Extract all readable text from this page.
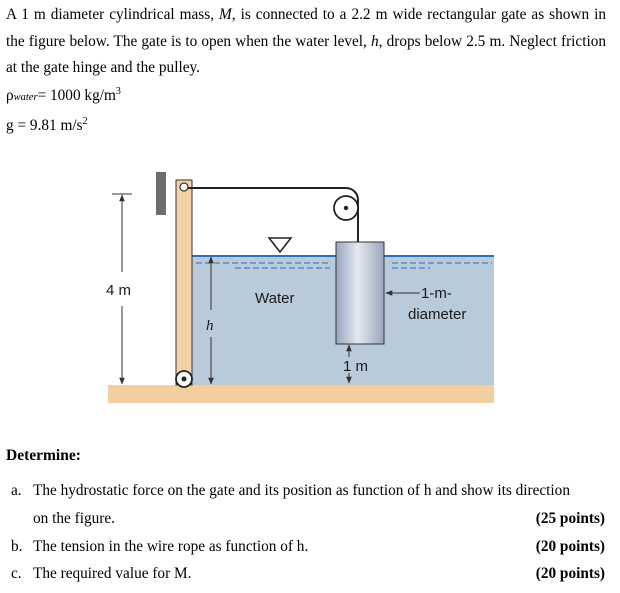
A 1 m diameter cylindrical mass, M, is connected to a 2.2 m wide rectangular gate as shown in the figure below. The gate is to open when the water level, h, drops below 2.5 m. Neglect friction at the gate hinge and the pulley.

ρwater= 1000 $kg/m^3$
g = 9.81 $m/s^2$
4 m
h
Water	1-m-
diameter
1 m
Determine:
a. The hydrostatic force on the gate and its position as function of h and show its direction
on the figure.	(25 points)
b. The tension in the wire rope as function of h.	(20 points)
c. The required value for M.	(20 points)
